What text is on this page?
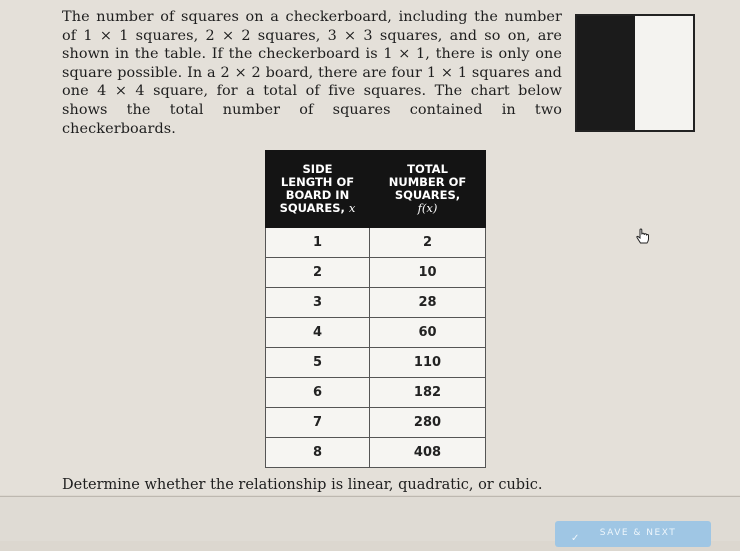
The number of squares on a checkerboard, including the number of 1 × 1 squares, 2 × 2 squares, 3 × 3 squares, and so on, are shown in the table. If the checkerboard is 1 × 1, there is only one square possible. In a 2 × 2 board, there are four 1 × 1 squares and one 4 × 4 square, for a total of five squares. The chart below shows the total number of squares contained in two checkerboards.

SIDE
LENGTH OF
BOARD IN
SQUARES, x	TOTAL
NUMBER OF
SQUARES,
f(x)
1	2
2	10
3	28
4	60
5	110
6	182
7	280
8	408
Determine whether the relationship is linear, quadratic, or cubic.
✓ SAVE & NEXT
